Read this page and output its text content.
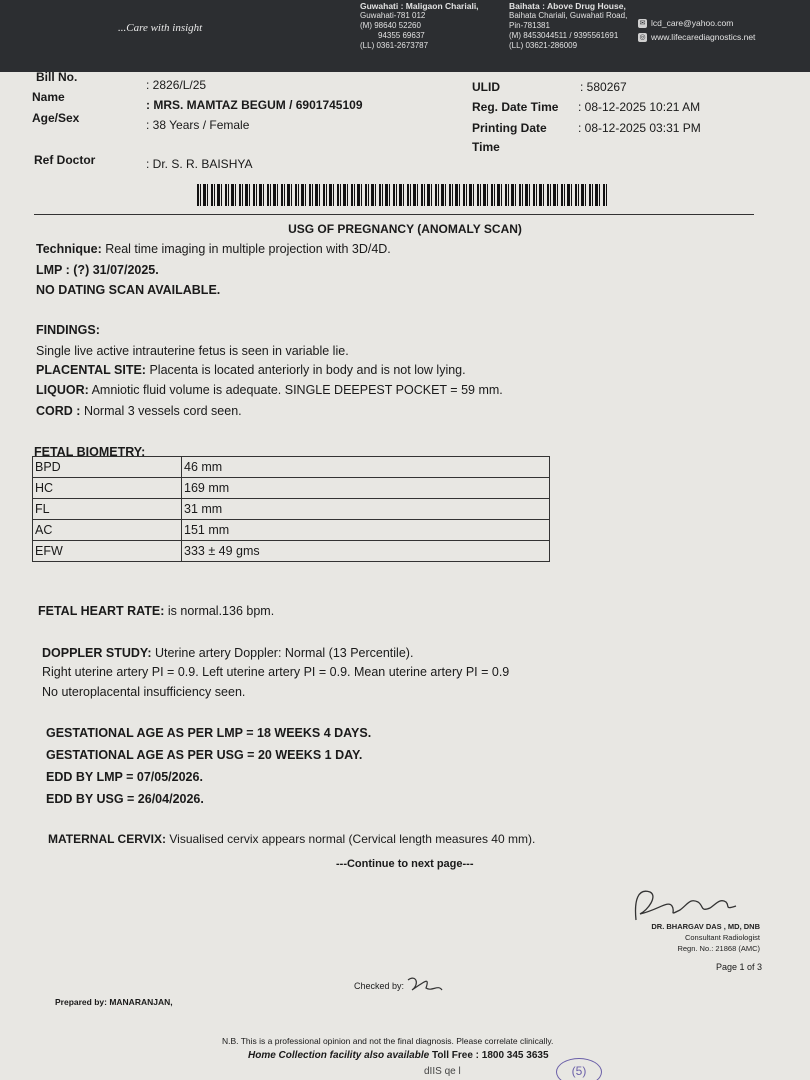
...Care with insight
Guwahati : Maligaon Chariali,
Guwahati-781 012
(M) 98640 52260
94355 69637
(LL) 0361-2673787
Baihata : Above Drug House,
Baihata Chariali, Guwahati Road,
Pin-781381
(M) 8453044511 / 9395561691
(LL) 03621-286009
✉ lcd_care@yahoo.com
◎ www.lifecarediagnostics.net
Bill No.
: 2826/L/25
Name
: MRS. MAMTAZ BEGUM / 6901745109
Age/Sex	: 38 Years / Female
Ref Doctor	: Dr. S. R. BAISHYA
ULID	: 580267
Reg. Date Time : 08-12-2025 10:21 AM
Printing Date	: 08-12-2025 03:31 PM
Time
USG OF PREGNANCY (ANOMALY SCAN)
Technique: Real time imaging in multiple projection with 3D/4D.
LMP : (?) 31/07/2025.
NO DATING SCAN AVAILABLE.
FINDINGS:
Single live active intrauterine fetus is seen in variable lie.
PLACENTAL SITE: Placenta is located anteriorly in body and is not low lying.
LIQUOR: Amniotic fluid volume is adequate. SINGLE DEEPEST POCKET = 59 mm.
CORD : Normal 3 vessels cord seen.
FETAL BIOMETRY:
BPD	46 mm
HC	169 mm
FL	31 mm
AC	151 mm
EFW	333 ± 49 gms
FETAL HEART RATE: is normal.136 bpm.
DOPPLER STUDY: Uterine artery Doppler: Normal (13 Percentile).
Right uterine artery PI = 0.9. Left uterine artery PI = 0.9. Mean uterine artery PI = 0.9
No uteroplacental insufficiency seen.
GESTATIONAL AGE AS PER LMP = 18 WEEKS 4 DAYS.
GESTATIONAL AGE AS PER USG = 20 WEEKS 1 DAY.
EDD BY LMP = 07/05/2026.
EDD BY USG = 26/04/2026.
MATERNAL CERVIX: Visualised cervix appears normal (Cervical length measures 40 mm).
---Continue to next page---
DR. BHARGAV DAS , MD, DNB
Consultant Radiologist
Regn. No.: 21868 (AMC)
Page 1 of 3
Prepared by: MANARANJAN,
Checked by:
N.B. This is a professional opinion and not the final diagnosis. Please correlate clinically.
Home Collection facility also available Toll Free : 1800 345 3635
dIIS qe l	(5)
